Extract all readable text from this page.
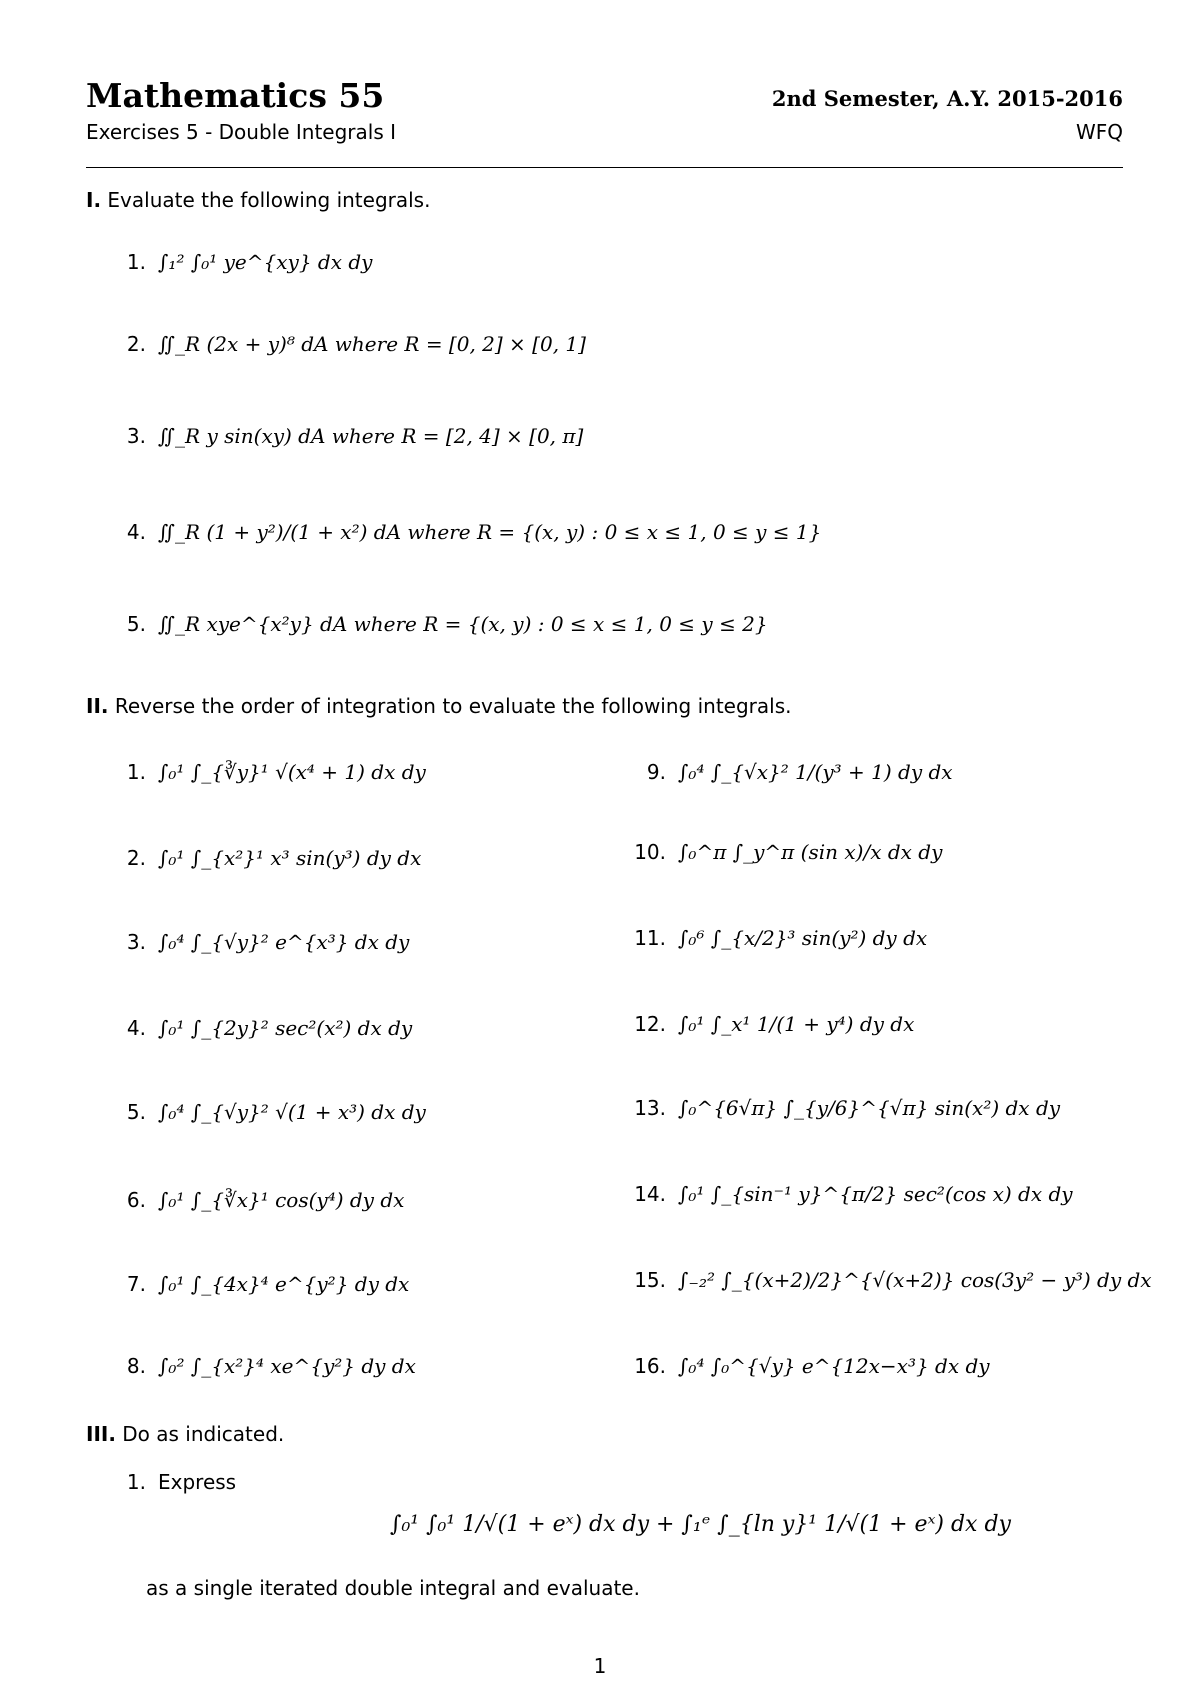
Mathematics 55
Exercises 5 - Double Integrals I
2nd Semester, A.Y. 2015-2016
WFQ
I. Evaluate the following integrals.
1. ∫₁² ∫₀¹ ye^{xy} dx dy
2. ∬_R (2x + y)⁸ dA where R = [0, 2] × [0, 1]
3. ∬_R y sin(xy) dA where R = [2, 4] × [0, π]
4. ∬_R (1 + y²)/(1 + x²) dA where R = {(x, y) : 0 ≤ x ≤ 1, 0 ≤ y ≤ 1}
5. ∬_R xye^{x²y} dA where R = {(x, y) : 0 ≤ x ≤ 1, 0 ≤ y ≤ 2}
II. Reverse the order of integration to evaluate the following integrals.
1. ∫₀¹ ∫_{∛y}¹ √(x⁴ + 1) dx dy
2. ∫₀¹ ∫_{x²}¹ x³ sin(y³) dy dx
3. ∫₀⁴ ∫_{√y}² e^{x³} dx dy
4. ∫₀¹ ∫_{2y}² sec²(x²) dx dy
5. ∫₀⁴ ∫_{√y}² √(1 + x³) dx dy
6. ∫₀¹ ∫_{∛x}¹ cos(y⁴) dy dx
7. ∫₀¹ ∫_{4x}⁴ e^{y²} dy dx
8. ∫₀² ∫_{x²}⁴ xe^{y²} dy dx
9. ∫₀⁴ ∫_{√x}² 1/(y³ + 1) dy dx
10. ∫₀^π ∫_y^π (sin x)/x dx dy
11. ∫₀⁶ ∫_{x/2}³ sin(y²) dy dx
12. ∫₀¹ ∫_x¹ 1/(1 + y⁴) dy dx
13. ∫₀^{6√π} ∫_{y/6}^{√π} sin(x²) dx dy
14. ∫₀¹ ∫_{sin⁻¹ y}^{π/2} sec²(cos x) dx dy
15. ∫₋₂² ∫_{(x+2)/2}^{√(x+2)} cos(3y² − y³) dy dx
16. ∫₀⁴ ∫₀^{√y} e^{12x−x³} dx dy
III. Do as indicated.
1. Express
∫₀¹ ∫₀¹ 1/√(1 + eˣ) dx dy + ∫₁ᵉ ∫_{ln y}¹ 1/√(1 + eˣ) dx dy
as a single iterated double integral and evaluate.
1
